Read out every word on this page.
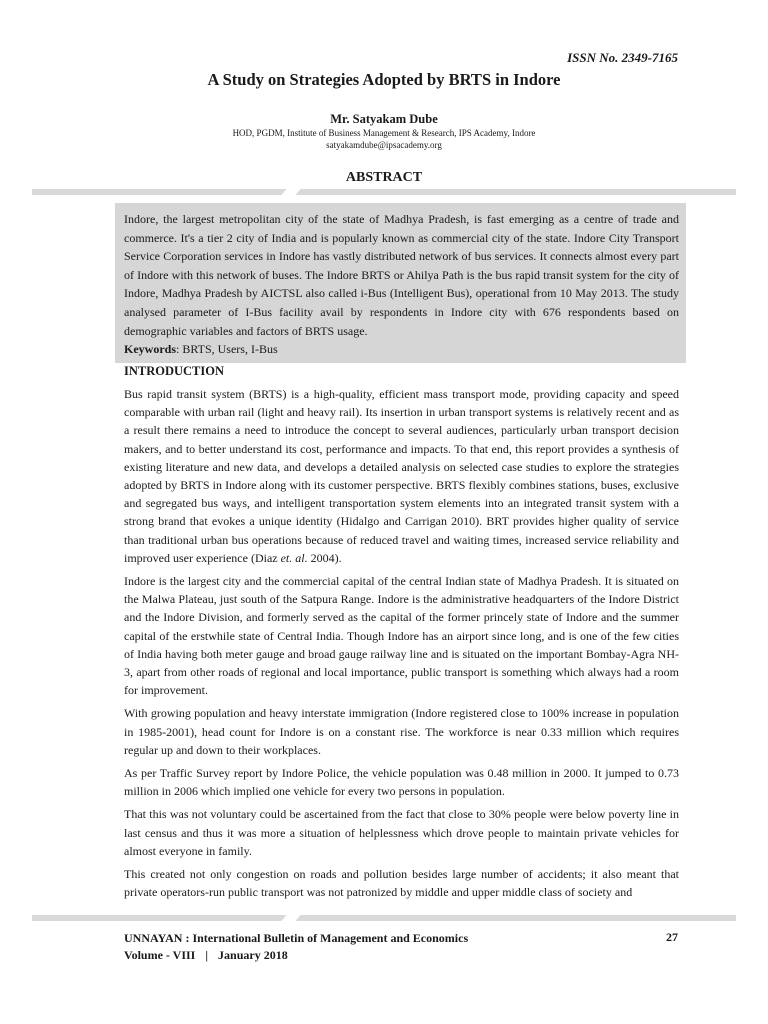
ISSN No. 2349-7165
A Study on Strategies Adopted by BRTS in Indore
Mr. Satyakam Dube
HOD, PGDM, Institute of Business Management & Research, IPS Academy, Indore
satyakamdube@ipsacademy.org
ABSTRACT
Indore, the largest metropolitan city of the state of Madhya Pradesh, is fast emerging as a centre of trade and commerce. It's a tier 2 city of India and is popularly known as commercial city of the state. Indore City Transport Service Corporation services in Indore has vastly distributed network of bus services. It connects almost every part of Indore with this network of buses. The Indore BRTS or Ahilya Path is the bus rapid transit system for the city of Indore, Madhya Pradesh by AICTSL also called i-Bus (Intelligent Bus), operational from 10 May 2013. The study analysed parameter of I-Bus facility avail by respondents in Indore city with 676 respondents based on demographic variables and factors of BRTS usage.
Keywords: BRTS, Users, I-Bus
INTRODUCTION

Bus rapid transit system (BRTS) is a high-quality, efficient mass transport mode, providing capacity and speed comparable with urban rail (light and heavy rail). Its insertion in urban transport systems is relatively recent and as a result there remains a need to introduce the concept to several audiences, particularly urban transport decision makers, and to better understand its cost, performance and impacts. To that end, this report provides a synthesis of existing literature and new data, and develops a detailed analysis on selected case studies to explore the strategies adopted by BRTS in Indore along with its customer perspective. BRTS flexibly combines stations, buses, exclusive and segregated bus ways, and intelligent transportation system elements into an integrated transit system with a strong brand that evokes a unique identity (Hidalgo and Carrigan 2010). BRT provides higher quality of service than traditional urban bus operations because of reduced travel and waiting times, increased service reliability and improved user experience (Diaz et. al. 2004).

Indore is the largest city and the commercial capital of the central Indian state of Madhya Pradesh. It is situated on the Malwa Plateau, just south of the Satpura Range. Indore is the administrative headquarters of the Indore District and the Indore Division, and formerly served as the capital of the former princely state of Indore and the summer capital of the erstwhile state of Central India. Though Indore has an airport since long, and is one of the few cities of India having both meter gauge and broad gauge railway line and is situated on the important Bombay-Agra NH-3, apart from other roads of regional and local importance, public transport is something which always had a room for improvement.

With growing population and heavy interstate immigration (Indore registered close to 100% increase in population in 1985-2001), head count for Indore is on a constant rise. The workforce is near 0.33 million which requires regular up and down to their workplaces.

As per Traffic Survey report by Indore Police, the vehicle population was 0.48 million in 2000. It jumped to 0.73 million in 2006 which implied one vehicle for every two persons in population.

That this was not voluntary could be ascertained from the fact that close to 30% people were below poverty line in last census and thus it was more a situation of helplessness which drove people to maintain private vehicles for almost everyone in family.

This created not only congestion on roads and pollution besides large number of accidents; it also meant that private operators-run public transport was not patronized by middle and upper middle class of society and

UNNAYAN : International Bulletin of Management and Economics
Volume - VIII | January 2018
27
